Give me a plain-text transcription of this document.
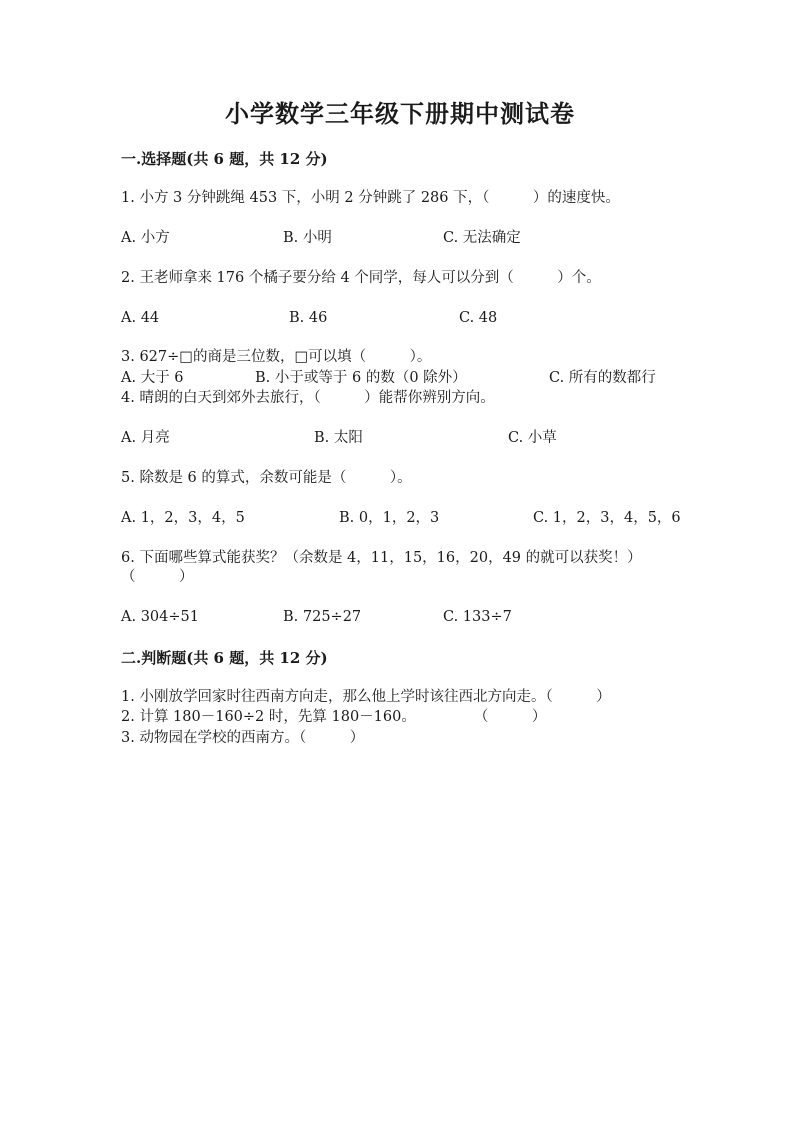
小学数学三年级下册期中测试卷
一.选择题(共 6 题，共 12 分)
1. 小方 3 分钟跳绳 453 下，小明 2 分钟跳了 286 下，（　　　）的速度快。
A. 小方	B. 小明	C. 无法确定
2. 王老师拿来 176 个橘子要分给 4 个同学，每人可以分到（　　　）个。
A. 44	B. 46	C. 48
3. 627÷□的商是三位数，□可以填（　　　）。
A. 大于 6	B. 小于或等于 6 的数（0 除外）	C. 所有的数都行
4. 晴朗的白天到郊外去旅行，（　　　）能帮你辨别方向。
A. 月亮	B. 太阳	C. 小草
5. 除数是 6 的算式，余数可能是（　　　）。
A. 1，2，3，4，5	B. 0，1，2，3	C. 1，2，3，4，5，6
6. 下面哪些算式能获奖？（余数是 4，11，15，16，20，49 的就可以获奖！）
（　　　）
A. 304÷51	B. 725÷27	C. 133÷7
二.判断题(共 6 题，共 12 分)
1. 小刚放学回家时往西南方向走，那么他上学时该往西北方向走。（　　　）
2. 计算 180－160÷2 时，先算 180－160。　　　　　（　　　）
3. 动物园在学校的西南方。（　　　）
